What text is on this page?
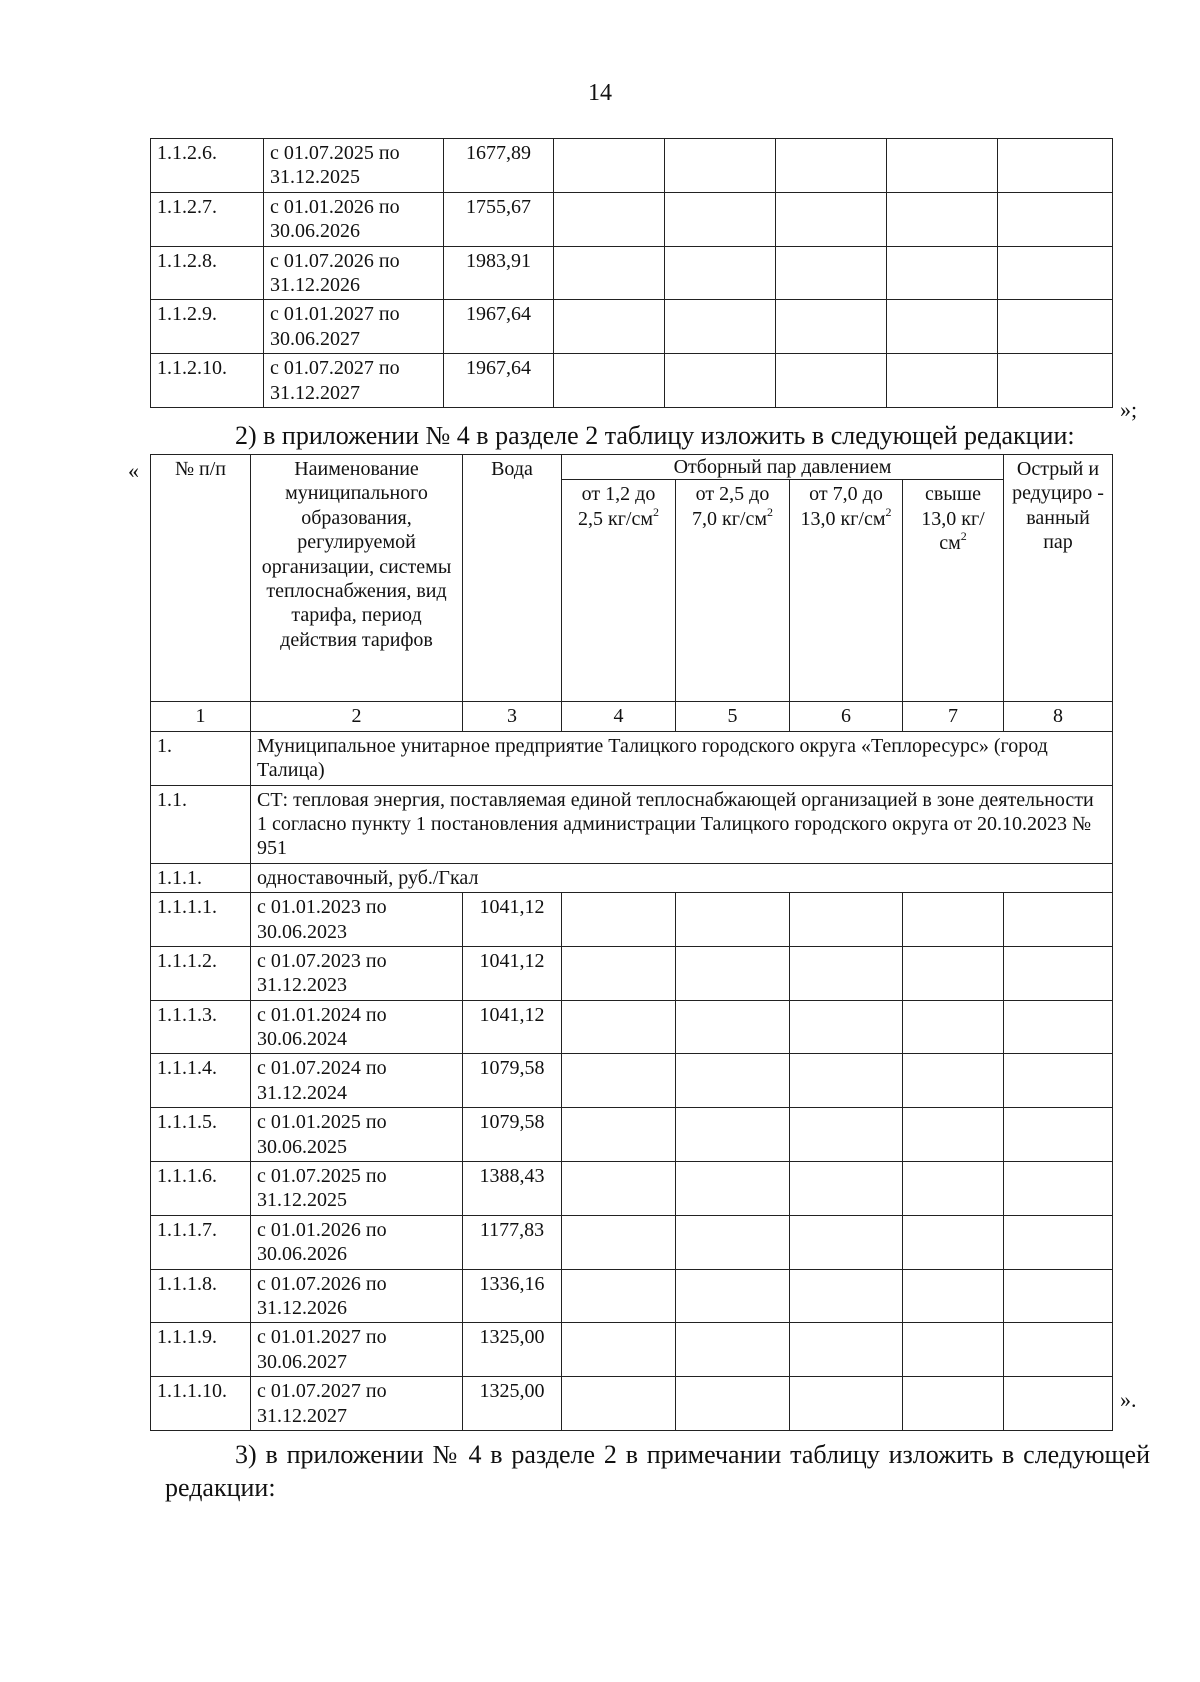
14
1.1.2.6.	с 01.07.2025 по 31.12.2025	1677,89					
1.1.2.7.	с 01.01.2026 по 30.06.2026	1755,67					
1.1.2.8.	с 01.07.2026 по 31.12.2026	1983,91					
1.1.2.9.	с 01.01.2027 по 30.06.2027	1967,64					
1.1.2.10.	с 01.07.2027 по 31.12.2027	1967,64					
»;
2) в приложении № 4 в разделе 2 таблицу изложить в следующей редакции:
« № п/п	Наименование муниципального образования, регулируемой организации, системы теплоснабжения, вид тарифа, период действия тарифов	Вода	Отборный пар давлением				Острый и редуциро - ванный пар
			от 1,2 до 2,5 $кг/см^2$	от 2,5 до 7,0 $кг/см^2$	от 7,0 до 13,0 $кг/см^2$	свыше 13,0 $кг/см^2$
1	2	3	4	5	6	7	8
1.	Муниципальное унитарное предприятие Талицкого городского округа «Теплоресурс» (город Талица)						
1.1.	СТ: тепловая энергия, поставляемая единой теплоснабжающей организацией в зоне деятельности 1 согласно пункту 1 постановления администрации Талицкого городского округа от 20.10.2023 № 951						
1.1.1.	одноставочный, руб./Гкал						
1.1.1.1.	с 01.01.2023 по 30.06.2023	1041,12					
1.1.1.2.	с 01.07.2023 по 31.12.2023	1041,12					
1.1.1.3.	с 01.01.2024 по 30.06.2024	1041,12					
1.1.1.4.	с 01.07.2024 по 31.12.2024	1079,58					
1.1.1.5.	с 01.01.2025 по 30.06.2025	1079,58					
1.1.1.6.	с 01.07.2025 по 31.12.2025	1388,43					
1.1.1.7.	с 01.01.2026 по 30.06.2026	1177,83					
1.1.1.8.	с 01.07.2026 по 31.12.2026	1336,16					
1.1.1.9.	с 01.01.2027 по 30.06.2027	1325,00					
1.1.1.10.	с 01.07.2027 по 31.12.2027	1325,00						».
3) в приложении № 4 в разделе 2 в примечании таблицу изложить в следующей редакции:
